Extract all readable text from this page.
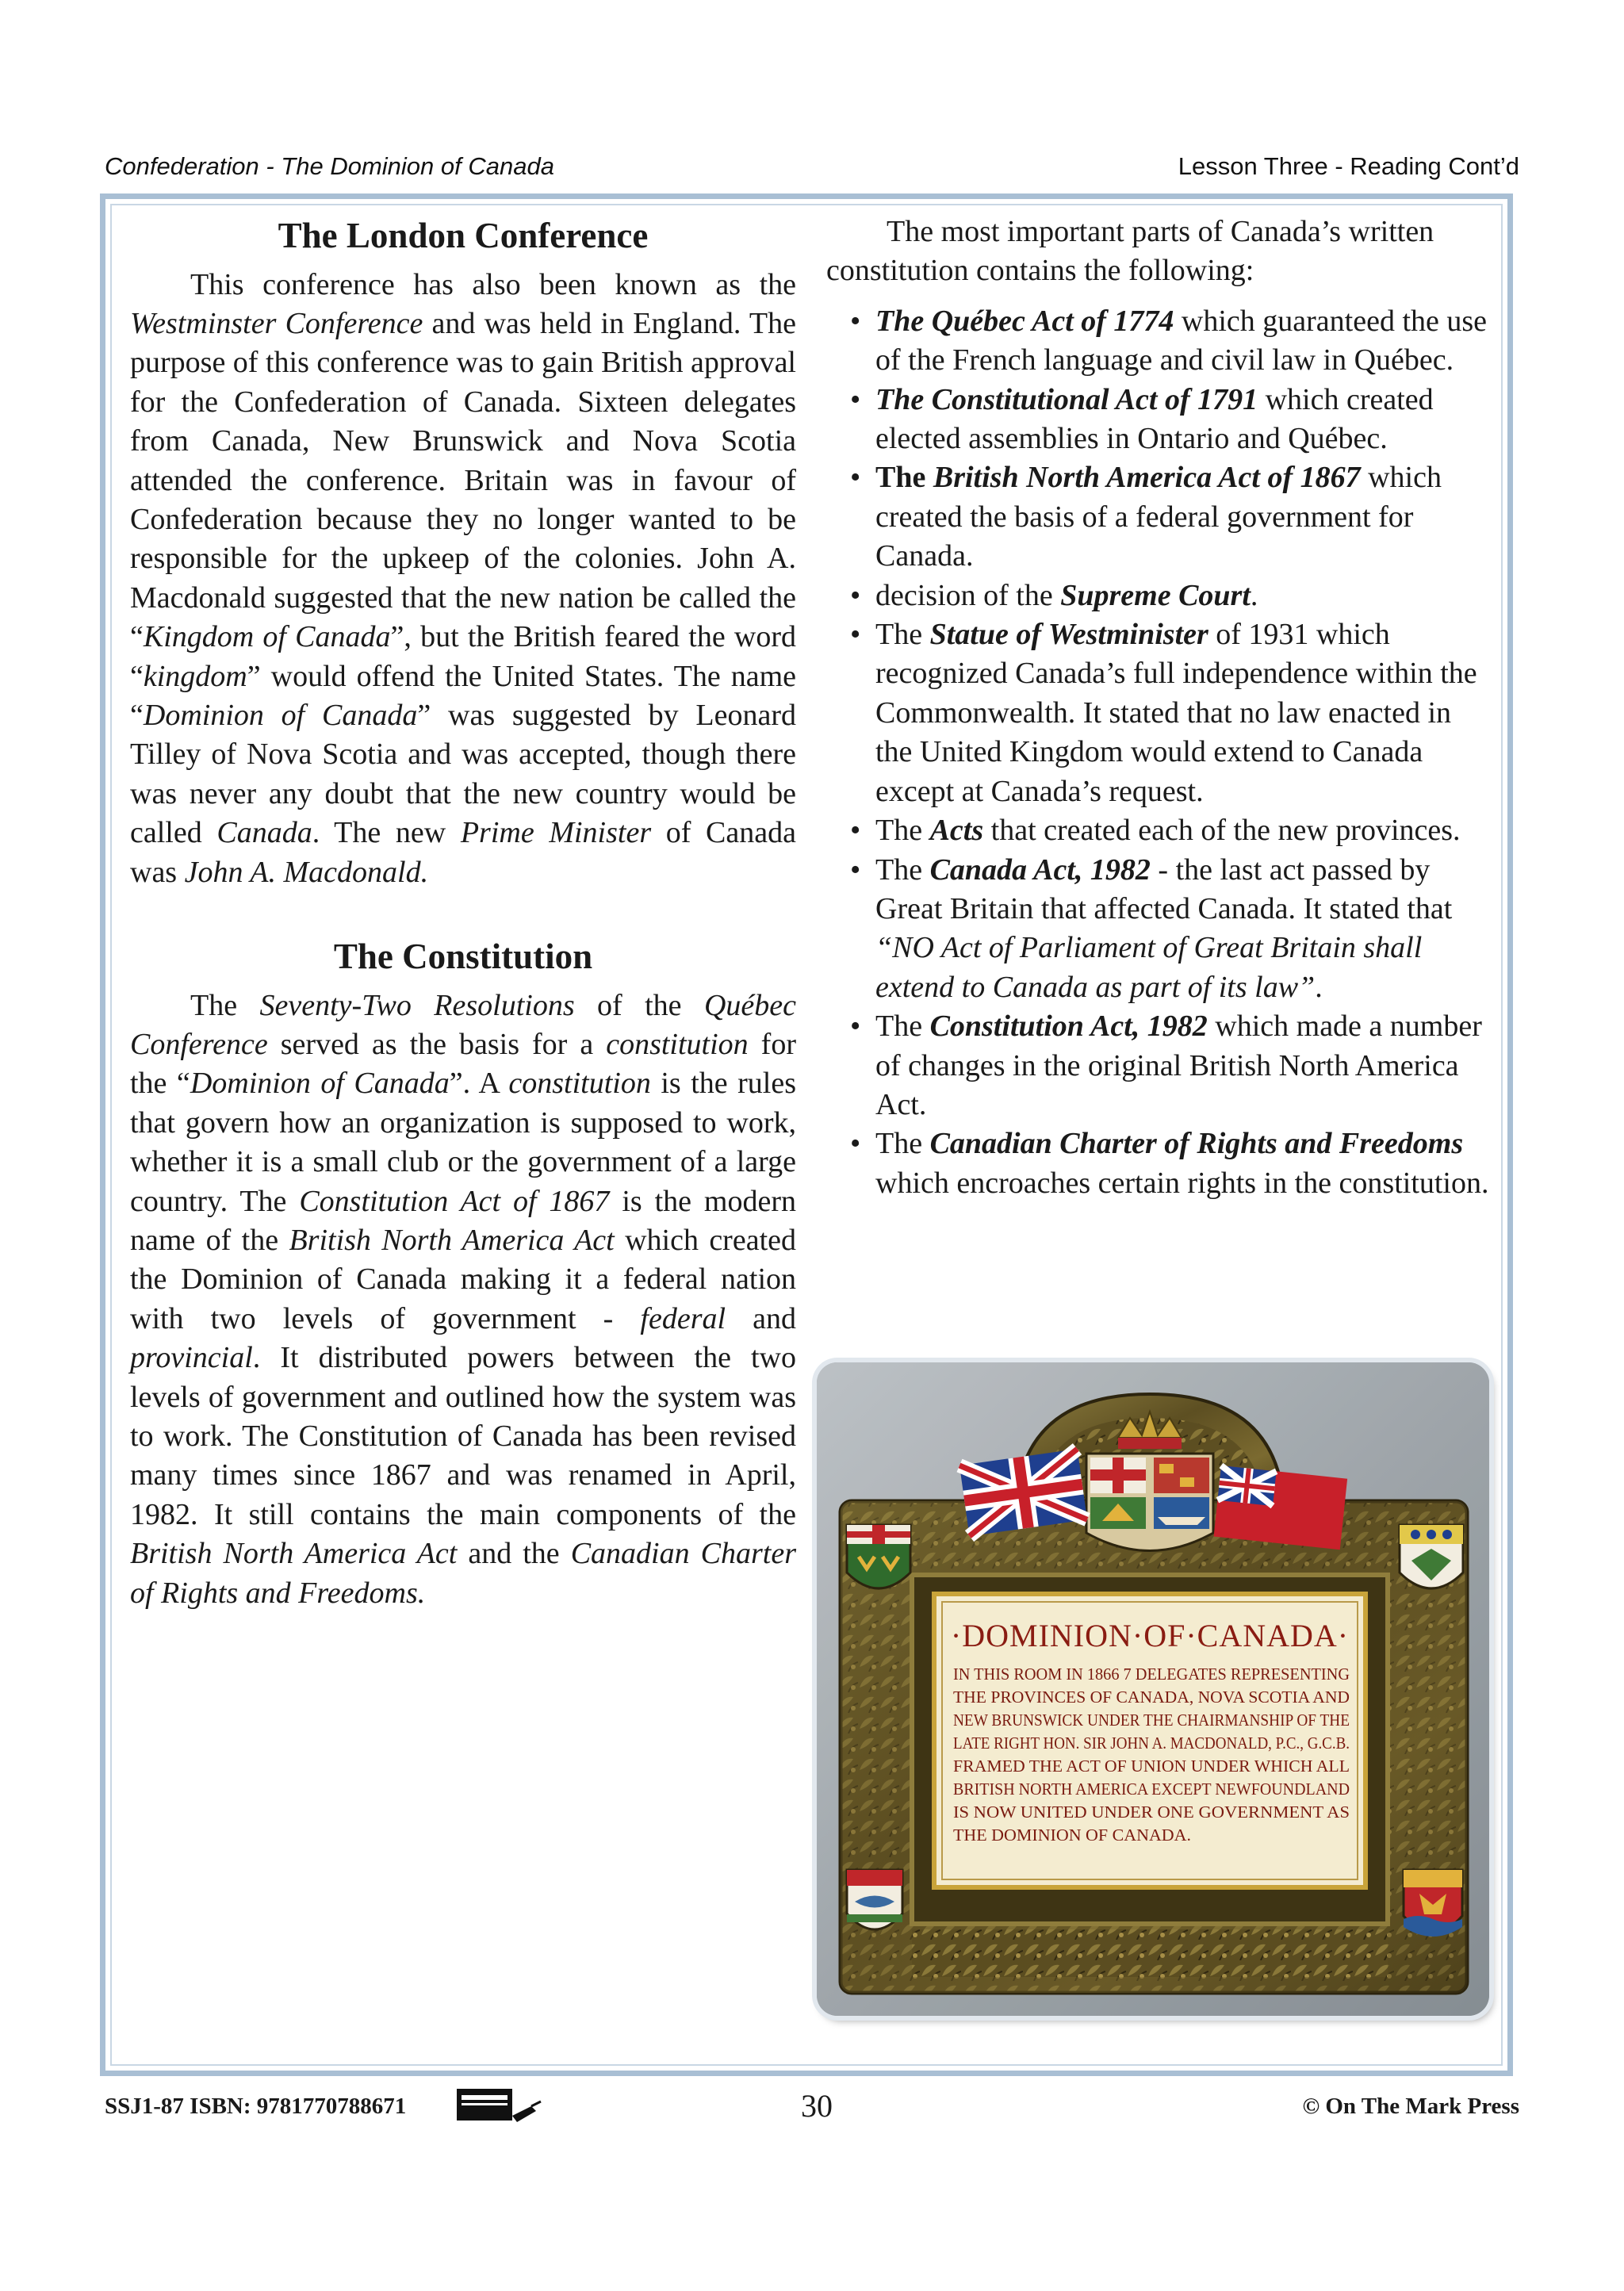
Confederation - The Dominion of Canada	Lesson Three - Reading Cont’d
The London Conference

This conference has also been known as the Westminster Conference and was held in England. The purpose of this conference was to gain British approval for the Confederation of Canada. Sixteen delegates from Canada, New Brunswick and Nova Scotia attended the conference. Britain was in favour of Confederation because they no longer wanted to be responsible for the upkeep of the colonies. John A. Macdonald suggested that the new nation be called the “Kingdom of Canada”, but the British feared the word “kingdom” would offend the United States. The name “Dominion of Canada” was suggested by Leonard Tilley of Nova Scotia and was accepted, though there was never any doubt that the new country would be called Canada. The new Prime Minister of Canada was John A. Macdonald.

The Constitution

The Seventy-Two Resolutions of the Québec Conference served as the basis for a constitution for the “Dominion of Canada”. A constitution is the rules that govern how an organization is supposed to work, whether it is a small club or the government of a large country. The Constitution Act of 1867 is the modern name of the British North America Act which created the Dominion of Canada making it a federal nation with two levels of government - federal and provincial. It distributed powers between the two levels of government and outlined how the system was to work. The Constitution of Canada has been revised many times since 1867 and was renamed in April, 1982. It still contains the main components of the British North America Act and the Canadian Charter of Rights and Freedoms.

The most important parts of Canada’s written constitution contains the following:

• The Québec Act of 1774 which guaranteed the use of the French language and civil law in Québec.
• The Constitutional Act of 1791 which created elected assemblies in Ontario and Québec.
• The British North America Act of 1867 which created the basis of a federal government for Canada.
• decision of the Supreme Court.
• The Statue of Westminister of 1931 which recognized Canada’s full independence within the Commonwealth. It stated that no law enacted in the United Kingdom would extend to Canada except at Canada’s request.
• The Acts that created each of the new provinces.
• The Canada Act, 1982 - the last act passed by Great Britain that affected Canada. It stated that “NO Act of Parliament of Great Britain shall extend to Canada as part of its law”.
• The Constitution Act, 1982 which made a number of changes in the original British North America Act.
• The Canadian Charter of Rights and Freedoms which encroaches certain rights in the constitution.
·DOMINION·OF·CANADA·
IN THIS ROOM IN 1866 7 DELEGATES REPRESENTING
THE PROVINCES OF CANADA, NOVA SCOTIA AND
NEW BRUNSWICK UNDER THE CHAIRMANSHIP OF THE
LATE RIGHT HON. SIR JOHN A. MACDONALD, P.C., G.C.B.
FRAMED THE ACT OF UNION UNDER WHICH ALL
BRITISH NORTH AMERICA EXCEPT NEWFOUNDLAND
IS NOW UNITED UNDER ONE GOVERNMENT AS
THE DOMINION OF CANADA.
SSJ1-87 ISBN: 9781770788671	30	© On The Mark Press
